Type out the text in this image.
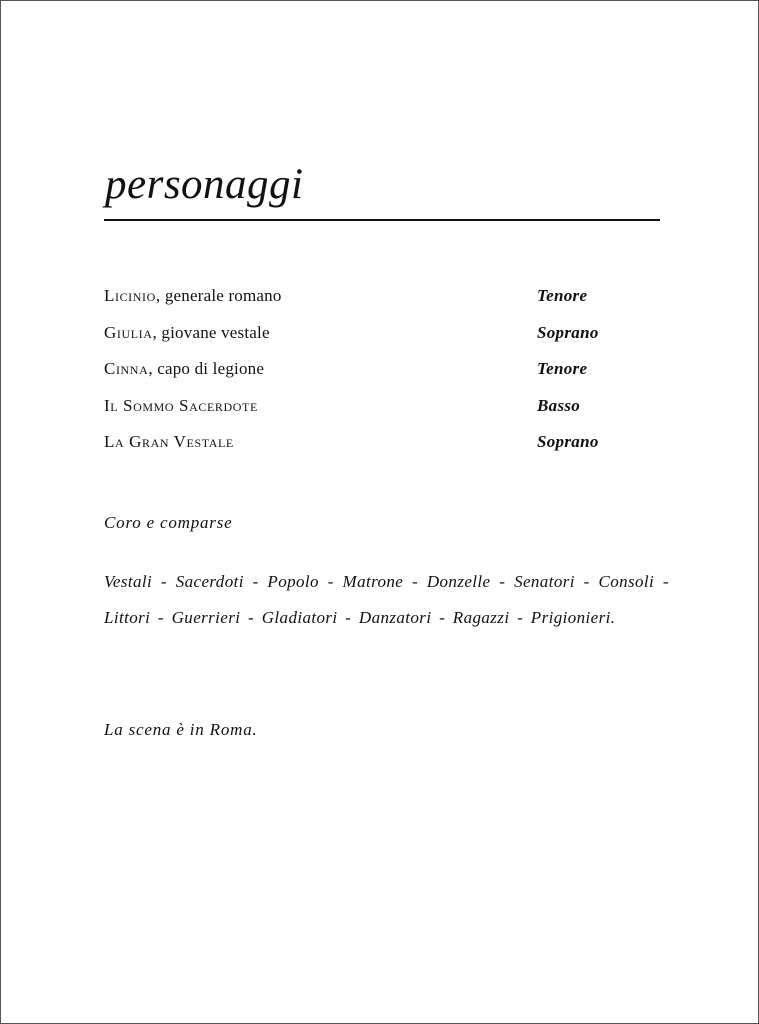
personaggi
Licinio, generale romano	Tenore
Giulia, giovane vestale	Soprano
Cinna, capo di legione	Tenore
Il Sommo Sacerdote	Basso
La Gran Vestale	Soprano
Coro e comparse

Vestali - Sacerdoti - Popolo - Matrone - Donzelle - Senatori - Consoli - Littori - Guerrieri - Gladiatori - Danzatori - Ragazzi - Prigionieri.

La scena è in Roma.
